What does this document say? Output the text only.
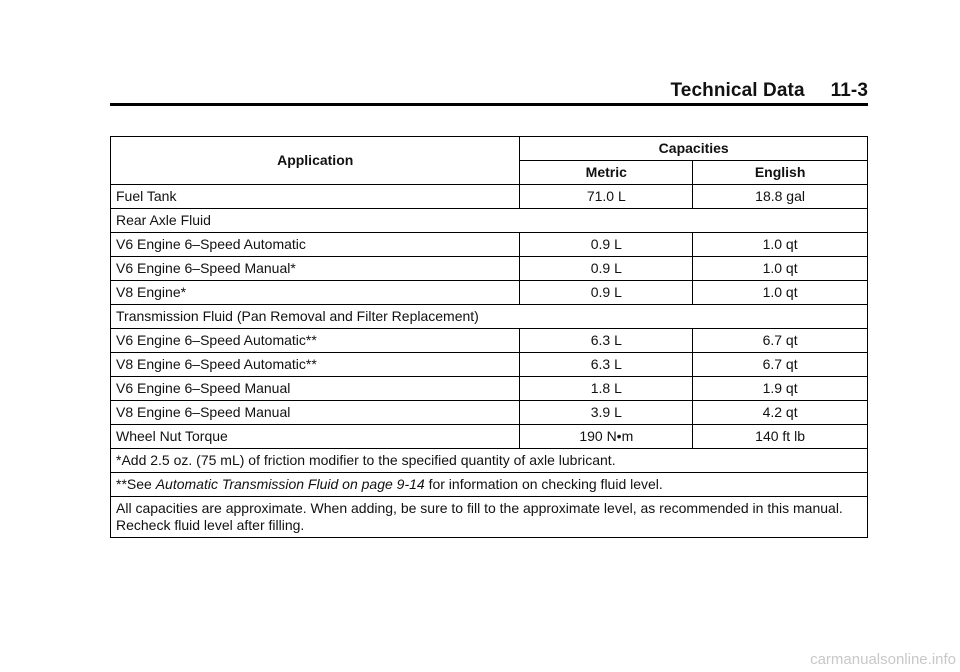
Technical Data 11-3
Application	Capacities	
	Metric	English
Fuel Tank	71.0 L	18.8 gal
Rear Axle Fluid		
V6 Engine 6–Speed Automatic	0.9 L	1.0 qt
V6 Engine 6–Speed Manual*	0.9 L	1.0 qt
V8 Engine*	0.9 L	1.0 qt
Transmission Fluid (Pan Removal and Filter Replacement)		
V6 Engine 6–Speed Automatic**	6.3 L	6.7 qt
V8 Engine 6–Speed Automatic**	6.3 L	6.7 qt
V6 Engine 6–Speed Manual	1.8 L	1.9 qt
V8 Engine 6–Speed Manual	3.9 L	4.2 qt
Wheel Nut Torque	190 N•m	140 ft lb
*Add 2.5 oz. (75 mL) of friction modifier to the specified quantity of axle lubricant.		
**See Automatic Transmission Fluid on page 9-14 for information on checking fluid level.		
All capacities are approximate. When adding, be sure to fill to the approximate level, as recommended in this manual. Recheck fluid level after filling.		
carmanualsonline.info
